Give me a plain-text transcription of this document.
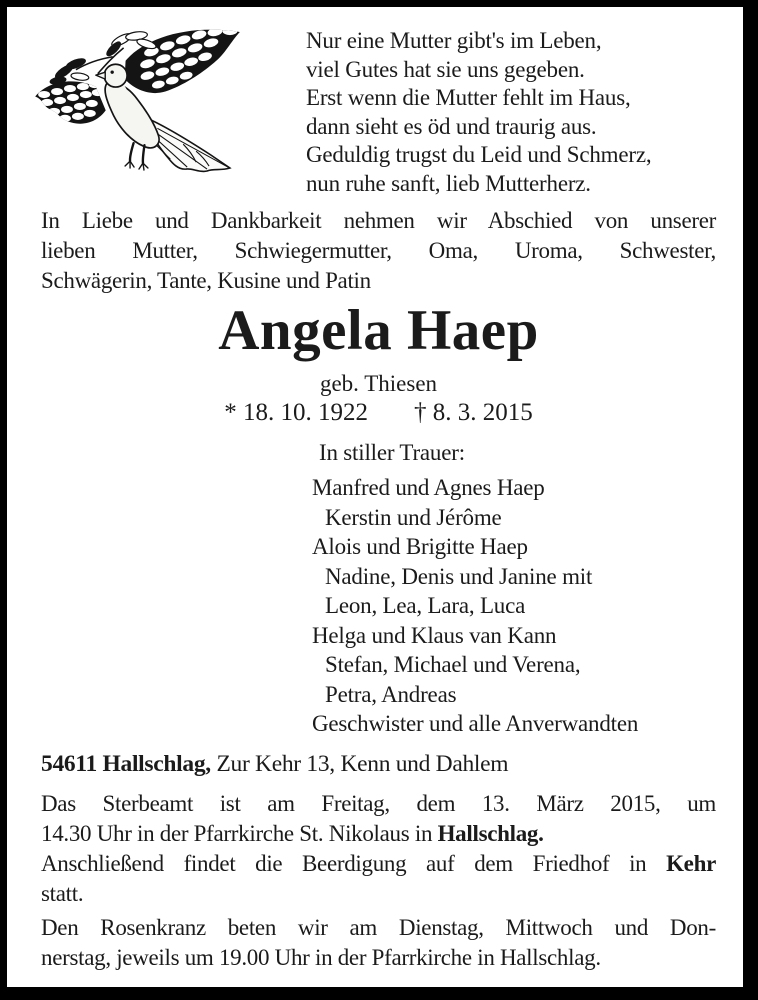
Nur eine Mutter gibt's im Leben,
viel Gutes hat sie uns gegeben.
Erst wenn die Mutter fehlt im Haus,
dann sieht es öd und traurig aus.
Geduldig trugst du Leid und Schmerz,
nun ruhe sanft, lieb Mutterherz.
In Liebe und Dankbarkeit nehmen wir Abschied von unserer
lieben Mutter, Schwiegermutter, Oma, Uroma, Schwester,
Schwägerin, Tante, Kusine und Patin
Angela Haep
geb. Thiesen
* 18. 10. 1922 † 8. 3. 2015
In stiller Trauer:
Manfred und Agnes Haep
Kerstin und Jérôme
Alois und Brigitte Haep
Nadine, Denis und Janine mit
Leon, Lea, Lara, Luca
Helga und Klaus van Kann
Stefan, Michael und Verena,
Petra, Andreas
Geschwister und alle Anverwandten
54611 Hallschlag, Zur Kehr 13, Kenn und Dahlem
Das Sterbeamt ist am Freitag, dem 13. März 2015, um
14.30 Uhr in der Pfarrkirche St. Nikolaus in Hallschlag.
Anschließend findet die Beerdigung auf dem Friedhof in Kehr
statt.
Den Rosenkranz beten wir am Dienstag, Mittwoch und Don-
nerstag, jeweils um 19.00 Uhr in der Pfarrkirche in Hallschlag.
